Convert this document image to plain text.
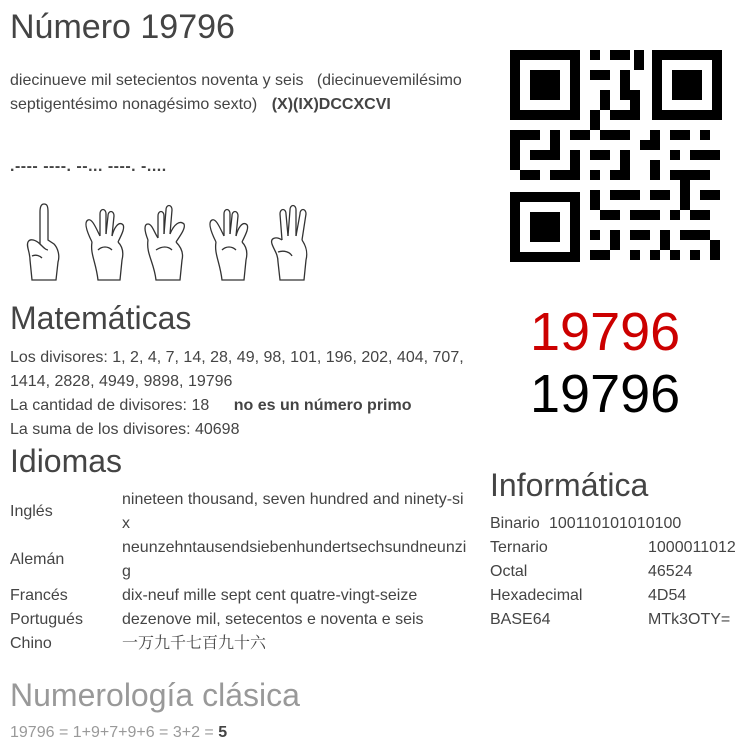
Número 19796
diecinueve mil setecientos noventa y seis (diecinuevemilésimo septigentésimo nonagésimo sexto) (X)(IX)DCCXCVI
.---- ----. --... ----. -....
19796
19796
Matemáticas
Los divisores: 1, 2, 4, 7, 14, 28, 49, 98, 101, 196, 202, 404, 707, 1414, 2828, 4949, 9898, 19796
La cantidad de divisores: 18 no es un número primo
La suma de los divisores: 40698
Idiomas
Inglés	nineteen thousand, seven hundred and ninety-six
Alemán	neunzehntausendsiebenhundertsechsundneunzig
Francés	dix-neuf mille sept cent quatre-vingt-seize
Portugués	dezenove mil, setecentos e noventa e seis
Chino	一万九千七百九十六
Informática
Binario 100110101010100
Ternario	1000011012
Octal	46524
Hexadecimal	4D54
BASE64	MTk3OTY=
Numerología clásica
19796 = 1+9+7+9+6 = 3+2 = 5
